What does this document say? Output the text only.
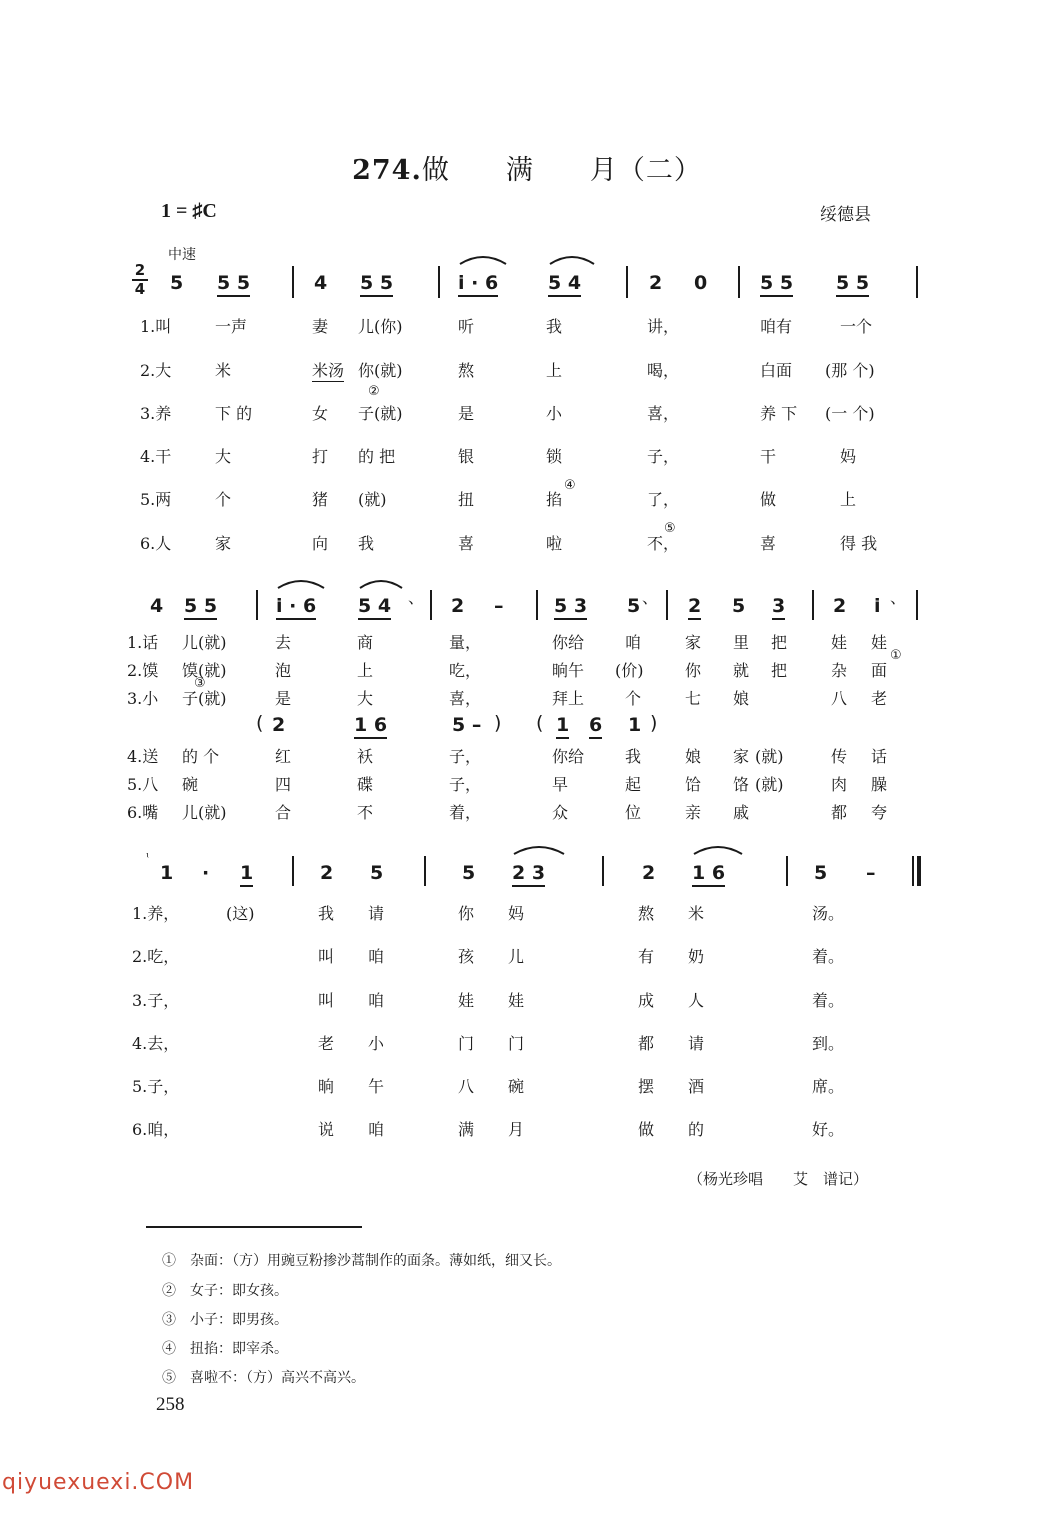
274.做　　满　　月（二）
1 = ♯C	绥德县
中速
2
4 5 5 5	4 5 5	i · 6	5 4	2 0	5 5 5 5
1.叫	一声	妻 儿(你)	听	我	讲，	咱有	一个
2.大	米	米汤 你(就)	熬	上	喝，	白面 (那 个)
②
3.养	下 的	女 子(就)	是	小	喜，	养 下 (一 个)
4.干	大	打 的 把	银	锁	子，	干	妈
④
5.两	个	猪 (就)	扭	掐	了，	做	上
⑤
6.人	家	向 我	喜	啦	不，	喜	得 我
4 5 5	i · 6 5 4 、 2 –	5 3 5 、 2 5 3	2 i 、
1.话 儿(就)	去	商	量，	你给	咱	家 里 把	娃 娃
①
2.馍 馍(就)	泡	上	吃，	晌午 (价)	你 就 把	杂 面
③
3.小 子(就)	是	大	喜，	拜上	个	七 娘	八 老
( 2	1 6	5 – ) ( 1 6 1 )
4.送 的 个	红	袄	子，	你给	我	娘 家 (就)	传 话
5.八 碗	四	碟	子，	早	起	饸 饹 (就)	肉 臊
6.嘴 儿(就)	合	不	着，	众	位	亲 戚	都 夸
ᶥ
1 · 1	2 5	5 2 3	2 1 6	5 –
1.养，	(这)	我 请	你 妈	熬 米	汤。
2.吃，	叫 咱	孩 儿	有 奶	着。
3.子，	叫 咱	娃 娃	成 人	着。
4.去，	老 小	门 门	都 请	到。
5.子，	晌 午	八 碗	摆 酒	席。
6.咱，	说 咱	满 月	做 的	好。
（杨光珍唱　　艾　谱记）
①　杂面：（方）用豌豆粉掺沙蒿制作的面条。薄如纸，细又长。
②　女子：即女孩。
③　小子：即男孩。
④　扭掐：即宰杀。
⑤　喜啦不：（方）高兴不高兴。
258
qiyuexuexi.COM
